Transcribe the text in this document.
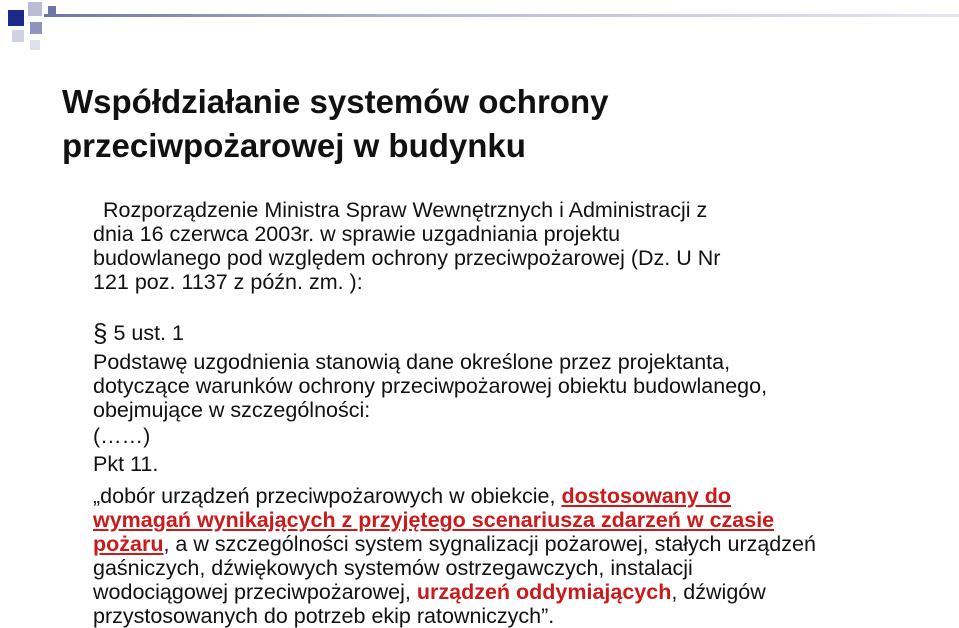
Współdziałanie systemów ochrony
przeciwpożarowej w budynku
Rozporządzenie Ministra Spraw Wewnętrznych i Administracji z
dnia 16 czerwca 2003r. w sprawie uzgadniania projektu
budowlanego pod względem ochrony przeciwpożarowej (Dz. U Nr
121 poz. 1137 z późn. zm. ):
§ 5 ust. 1
Podstawę uzgodnienia stanowią dane określone przez projektanta,
dotyczące warunków ochrony przeciwpożarowej obiektu budowlanego,
obejmujące w szczególności:
(……)
Pkt 11.
„dobór urządzeń przeciwpożarowych w obiekcie, dostosowany do
wymagań wynikających z przyjętego scenariusza zdarzeń w czasie
pożaru, a w szczególności system sygnalizacji pożarowej, stałych urządzeń
gaśniczych, dźwiękowych systemów ostrzegawczych, instalacji
wodociągowej przeciwpożarowej, urządzeń oddymiających, dźwigów
przystosowanych do potrzeb ekip ratowniczych”.
